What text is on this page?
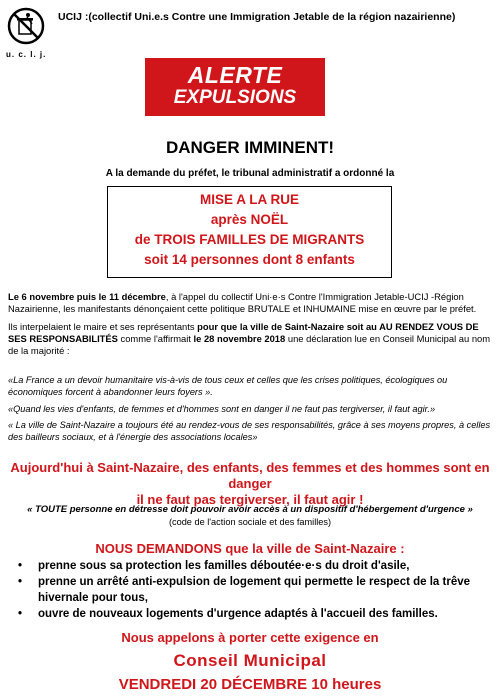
u. c. l. j.
UCIJ :(collectif Uni.e.s Contre une Immigration Jetable de la région nazairienne)
ALERTE
EXPULSIONS
DANGER IMMINENT!
A la demande du préfet, le tribunal administratif a ordonné la
MISE A LA RUE
après NOËL
de TROIS FAMILLES DE MIGRANTS
soit 14 personnes dont 8 enfants

Le 6 novembre puis le 11 décembre, à l'appel du collectif Uni·e·s Contre l'Immigration Jetable-UCIJ -Région Nazairienne, les manifestants dénonçaient cette politique BRUTALE et INHUMAINE mise en œuvre par le préfet.

Ils interpelaient le maire et ses représentants pour que la ville de Saint-Nazaire soit au AU RENDEZ VOUS DE SES RESPONSABILITÉS comme l'affirmait le 28 novembre 2018 une déclaration lue en Conseil Municipal au nom de la majorité :

«La France a un devoir humanitaire vis-à-vis de tous ceux et celles que les crises politiques, écologiques ou économiques forcent à abandonner leurs foyers ».

«Quand les vies d'enfants, de femmes et d'hommes sont en danger il ne faut pas tergiverser, il faut agir.»

« La ville de Saint-Nazaire a toujours été au rendez-vous de ses responsabilités, grâce à ses moyens propres, à celles des bailleurs sociaux, et à l'énergie des associations locales»

Aujourd'hui à Saint-Nazaire, des enfants, des femmes et des hommes sont en danger
il ne faut pas tergiverser, il faut agir !
« TOUTE personne en détresse doit pouvoir avoir accès à un dispositif d'hébergement d'urgence »
(code de l'action sociale et des familles)
NOUS DEMANDONS que la ville de Saint-Nazaire :
• prenne sous sa protection les familles déboutée·e·s du droit d'asile,
• prenne un arrêté anti-expulsion de logement qui permette le respect de la trêve hivernale pour tous,
• ouvre de nouveaux logements d'urgence adaptés à l'accueil des familles.
Nous appelons à porter cette exigence en
Conseil Municipal
VENDREDI 20 DÉCEMBRE 10 heures
